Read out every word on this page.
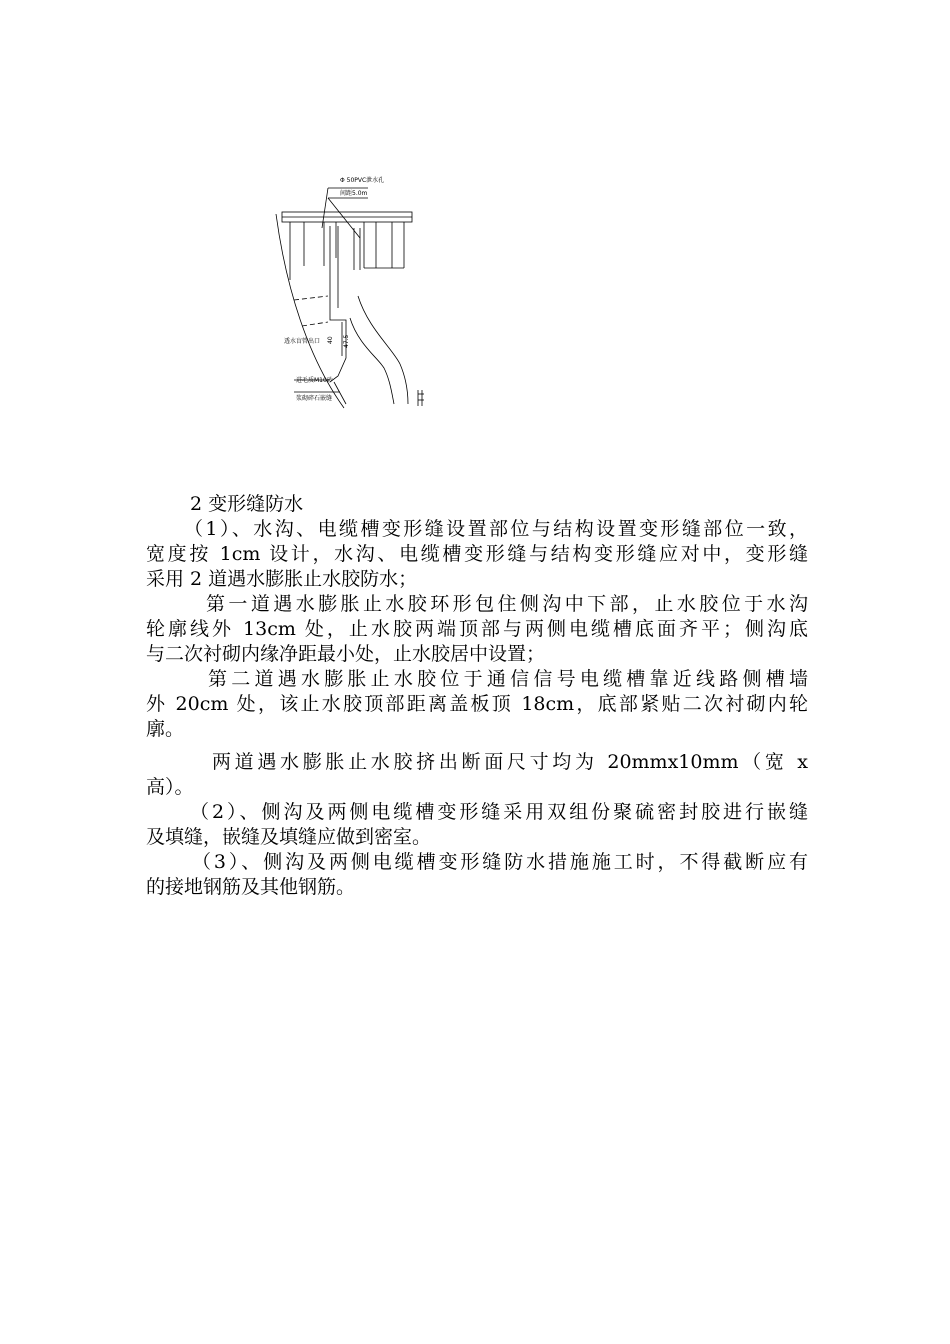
Φ 50PVC泄水孔
间距5.0m
透水盲管出口
进毛质M10砂
浆砌碎石嵌缝
40 47.5
2 变形缝防水
（1）、水沟、电缆槽变形缝设置部位与结构设置变形缝部位一致，
宽度按 1cm 设计，水沟、电缆槽变形缝与结构变形缝应对中，变形缝
采用 2 道遇水膨胀止水胶防水；
第一道遇水膨胀止水胶环形包住侧沟中下部，止水胶位于水沟
轮廓线外 13cm 处，止水胶两端顶部与两侧电缆槽底面齐平；侧沟底
与二次衬砌内缘净距最小处，止水胶居中设置；
第二道遇水膨胀止水胶位于通信信号电缆槽靠近线路侧槽墙
外 20cm 处，该止水胶顶部距离盖板顶 18cm，底部紧贴二次衬砌内轮
廓。
两道遇水膨胀止水胶挤出断面尺寸均为 20mmx10mm（宽 x
高）。
（2）、侧沟及两侧电缆槽变形缝采用双组份聚硫密封胶进行嵌缝
及填缝，嵌缝及填缝应做到密室。
（3）、侧沟及两侧电缆槽变形缝防水措施施工时，不得截断应有
的接地钢筋及其他钢筋。
